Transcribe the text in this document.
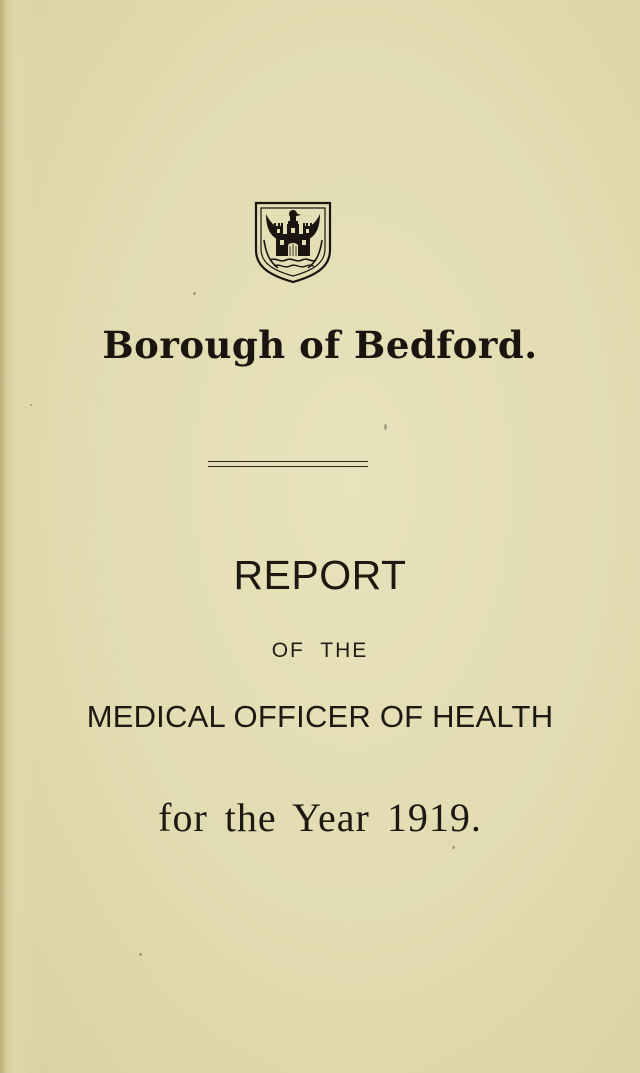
Borough of Bedford.
REPORT
OF THE
MEDICAL OFFICER OF HEALTH
for the Year 1919.
